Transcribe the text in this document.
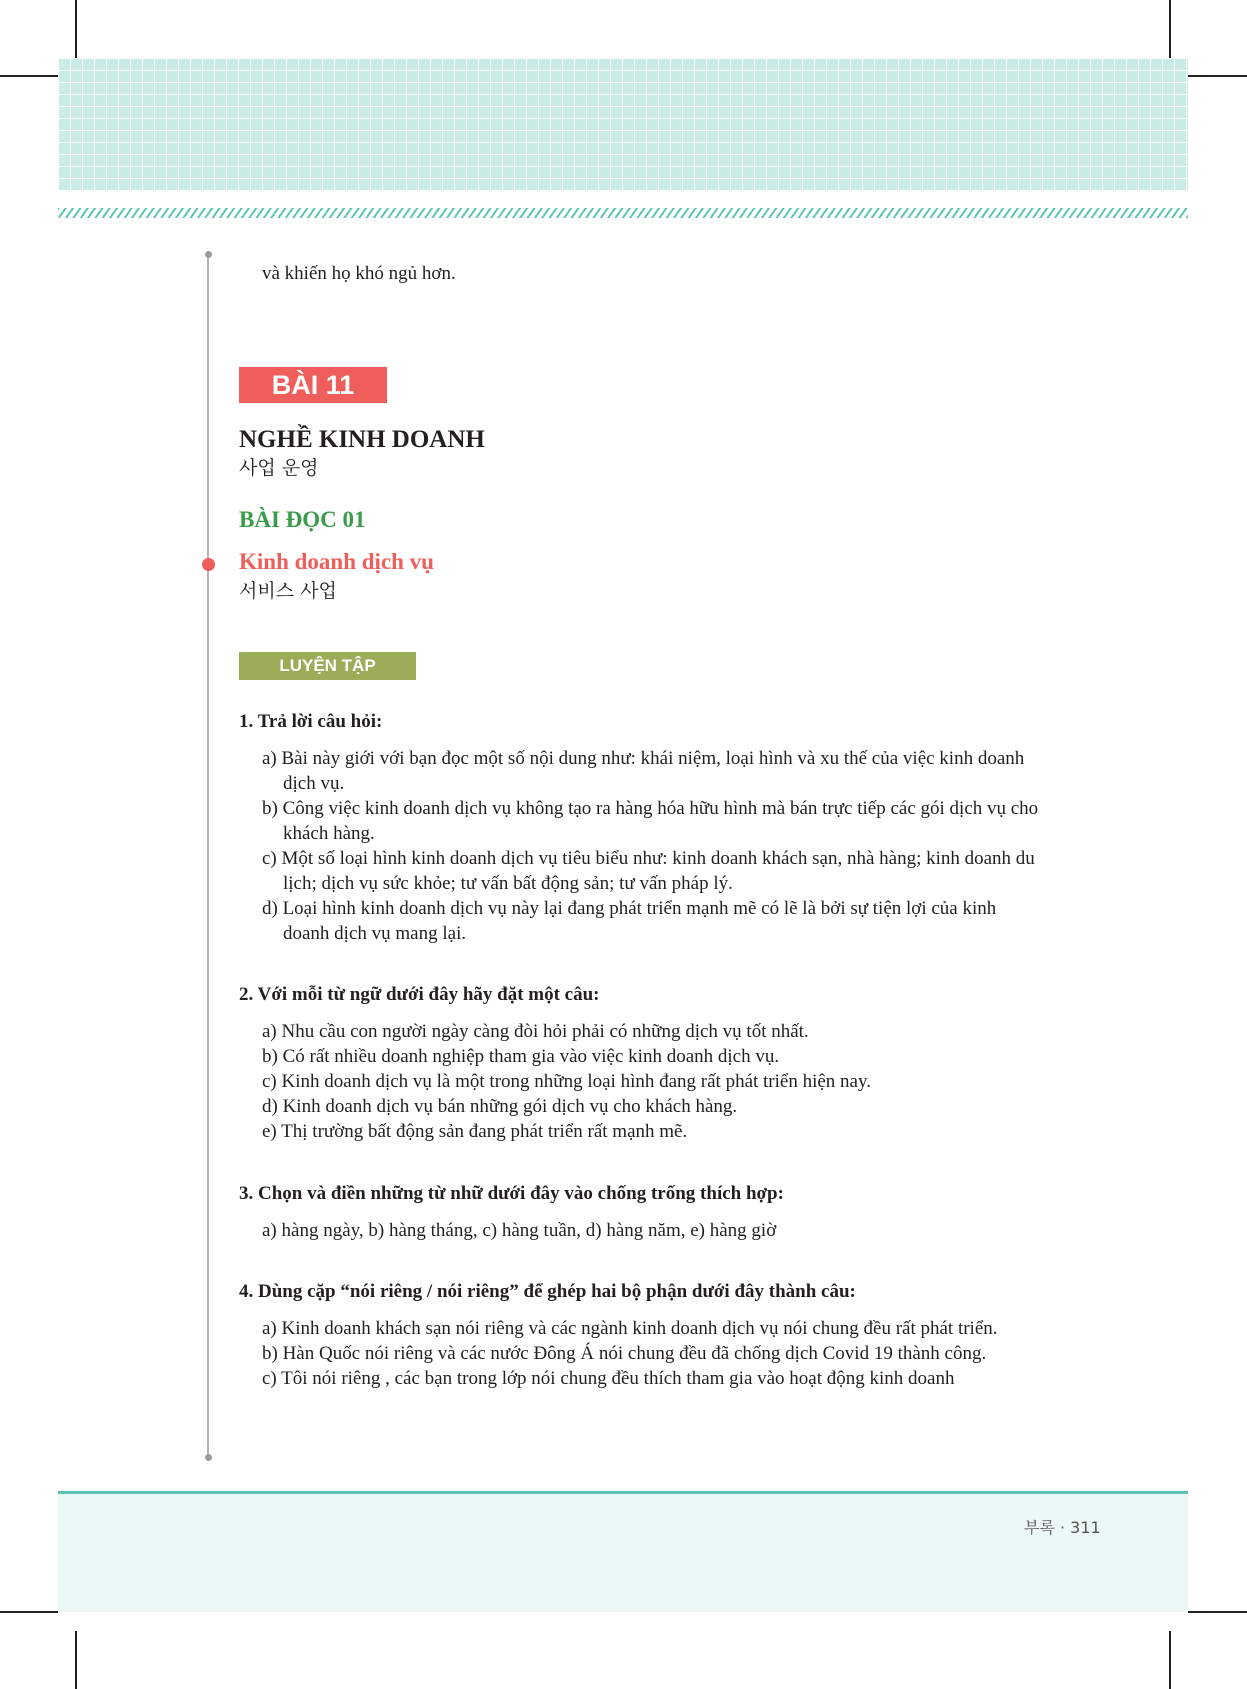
và khiến họ khó ngủ hơn.
BÀI 11
NGHỀ KINH DOANH
사업 운영
BÀI ĐỌC 01
Kinh doanh dịch vụ
서비스 사업
LUYỆN TẬP
1. Trả lời câu hỏi:
a) Bài này giới với bạn đọc một số nội dung như: khái niệm, loại hình và xu thế của việc kinh doanh dịch vụ.
b) Công việc kinh doanh dịch vụ không tạo ra hàng hóa hữu hình mà bán trực tiếp các gói dịch vụ cho khách hàng.
c) Một số loại hình kinh doanh dịch vụ tiêu biểu như: kinh doanh khách sạn, nhà hàng; kinh doanh du lịch; dịch vụ sức khỏe; tư vấn bất động sản; tư vấn pháp lý.
d) Loại hình kinh doanh dịch vụ này lại đang phát triển mạnh mẽ có lẽ là bởi sự tiện lợi của kinh doanh dịch vụ mang lại.
2. Với mỗi từ ngữ dưới đây hãy đặt một câu:
a) Nhu cầu con người ngày càng đòi hỏi phải có những dịch vụ tốt nhất.
b) Có rất nhiều doanh nghiệp tham gia vào việc kinh doanh dịch vụ.
c) Kinh doanh dịch vụ là một trong những loại hình đang rất phát triển hiện nay.
d) Kinh doanh dịch vụ bán những gói dịch vụ cho khách hàng.
e) Thị trường bất động sản đang phát triển rất mạnh mẽ.
3. Chọn và điền những từ nhữ dưới đây vào chống trống thích hợp:
a) hàng ngày, b) hàng tháng, c) hàng tuần, d) hàng năm, e) hàng giờ
4. Dùng cặp “nói riêng / nói riêng” để ghép hai bộ phận dưới đây thành câu:
a) Kinh doanh khách sạn nói riêng và các ngành kinh doanh dịch vụ nói chung đều rất phát triển.
b) Hàn Quốc nói riêng và các nước Đông Á nói chung đều đã chống dịch Covid 19 thành công.
c) Tôi nói riêng , các bạn trong lớp nói chung đều thích tham gia vào hoạt động kinh doanh
부록 · 311
